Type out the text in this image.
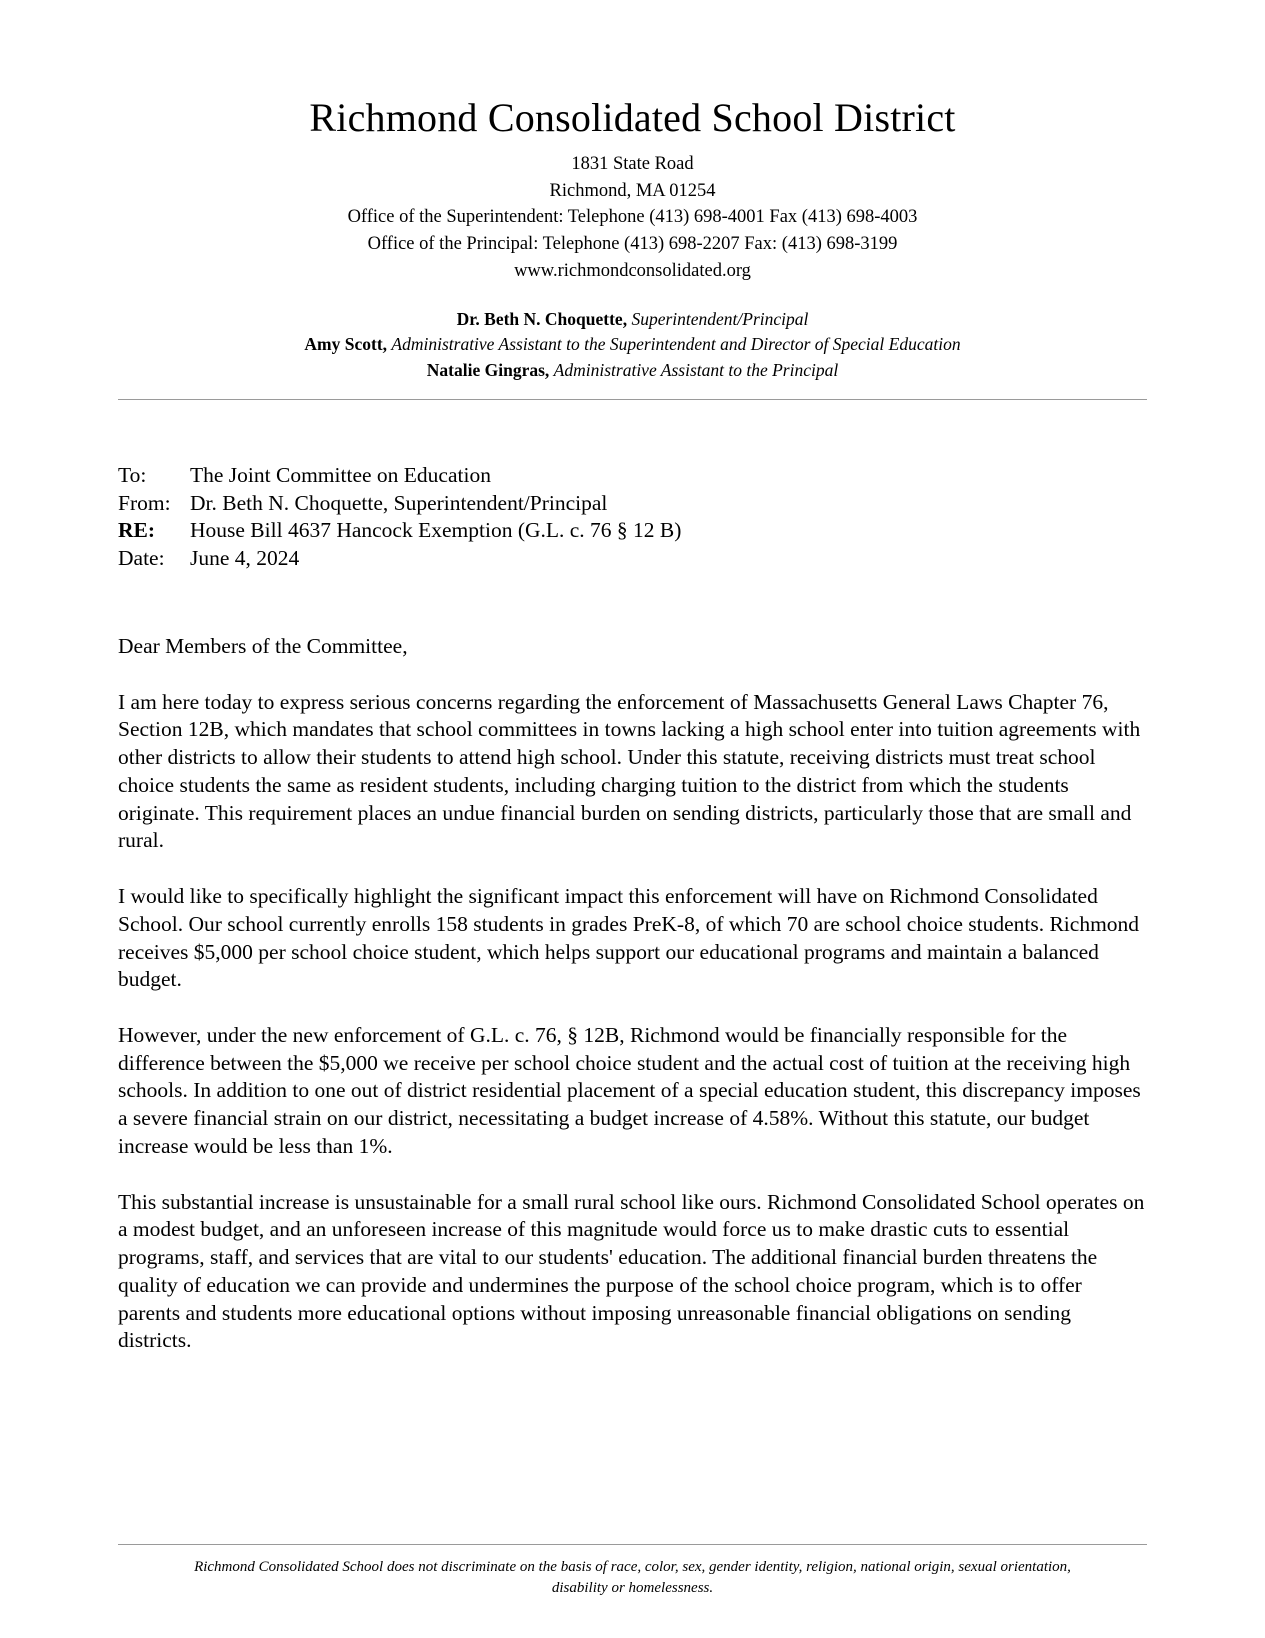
Richmond Consolidated School District

1831 State Road

Richmond, MA 01254

Office of the Superintendent: Telephone (413) 698-4001 Fax (413) 698-4003

Office of the Principal: Telephone (413) 698-2207 Fax: (413) 698-3199

www.richmondconsolidated.org

Dr. Beth N. Choquette, Superintendent/Principal

Amy Scott, Administrative Assistant to the Superintendent and Director of Special Education

Natalie Gingras, Administrative Assistant to the Principal

To:	The Joint Committee on Education
From: Dr. Beth N. Choquette, Superintendent/Principal
RE:	House Bill 4637 Hancock Exemption (G.L. c. 76 § 12 B)
Date:	June 4, 2024

Dear Members of the Committee,

I am here today to express serious concerns regarding the enforcement of Massachusetts General Laws Chapter 76, Section 12B, which mandates that school committees in towns lacking a high school enter into tuition agreements with other districts to allow their students to attend high school. Under this statute, receiving districts must treat school choice students the same as resident students, including charging tuition to the district from which the students originate. This requirement places an undue financial burden on sending districts, particularly those that are small and rural.

I would like to specifically highlight the significant impact this enforcement will have on Richmond Consolidated School. Our school currently enrolls 158 students in grades PreK-8, of which 70 are school choice students. Richmond receives $5,000 per school choice student, which helps support our educational programs and maintain a balanced budget.

However, under the new enforcement of G.L. c. 76, § 12B, Richmond would be financially responsible for the difference between the $5,000 we receive per school choice student and the actual cost of tuition at the receiving high schools. In addition to one out of district residential placement of a special education student, this discrepancy imposes a severe financial strain on our district, necessitating a budget increase of 4.58%. Without this statute, our budget increase would be less than 1%.

This substantial increase is unsustainable for a small rural school like ours. Richmond Consolidated School operates on a modest budget, and an unforeseen increase of this magnitude would force us to make drastic cuts to essential programs, staff, and services that are vital to our students' education. The additional financial burden threatens the quality of education we can provide and undermines the purpose of the school choice program, which is to offer parents and students more educational options without imposing unreasonable financial obligations on sending districts.

Richmond Consolidated School does not discriminate on the basis of race, color, sex, gender identity, religion, national origin, sexual orientation,

disability or homelessness.
